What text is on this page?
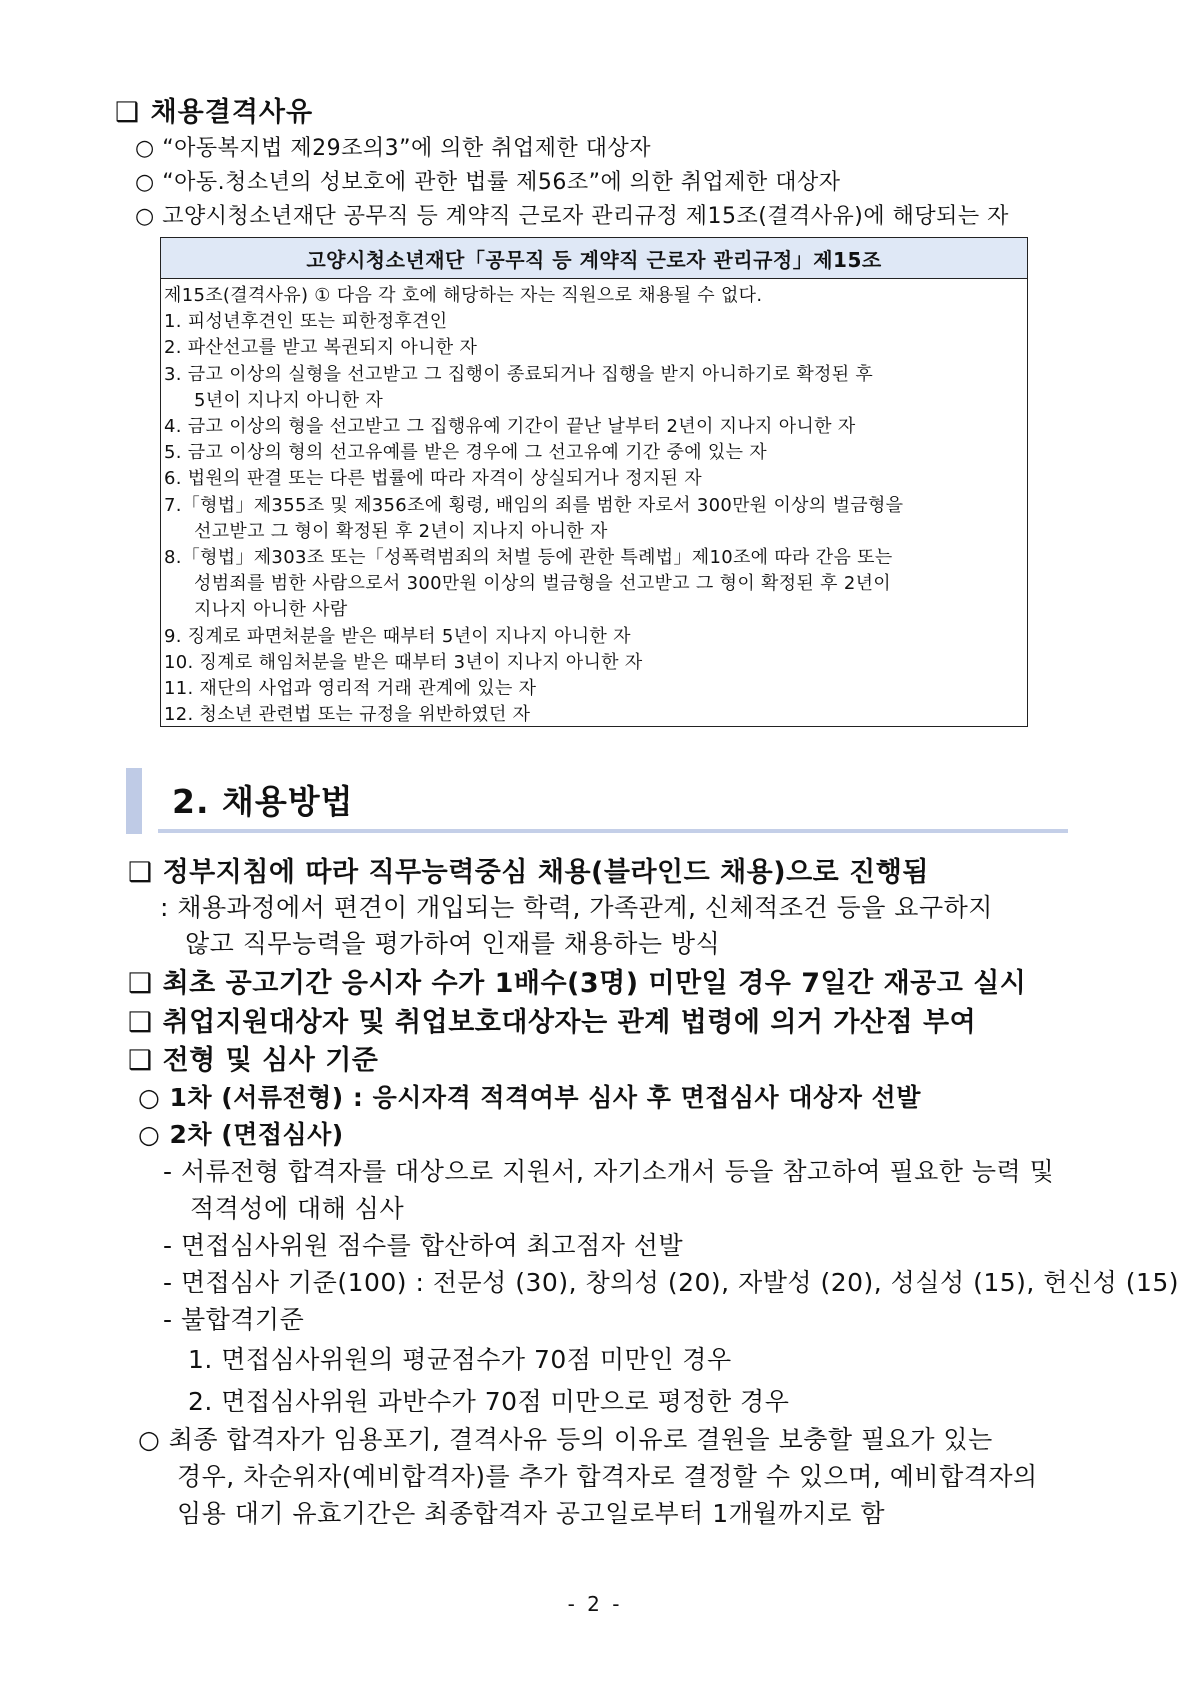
❑ 채용결격사유
○ “아동복지법 제29조의3”에 의한 취업제한 대상자
○ “아동.청소년의 성보호에 관한 법률 제56조”에 의한 취업제한 대상자
○ 고양시청소년재단 공무직 등 계약직 근로자 관리규정 제15조(결격사유)에 해당되는 자
고양시청소년재단「공무직 등 계약직 근로자 관리규정」제15조
제15조(결격사유) ① 다음 각 호에 해당하는 자는 직원으로 채용될 수 없다.
1. 피성년후견인 또는 피한정후견인
2. 파산선고를 받고 복권되지 아니한 자
3. 금고 이상의 실형을 선고받고 그 집행이 종료되거나 집행을 받지 아니하기로 확정된 후
5년이 지나지 아니한 자
4. 금고 이상의 형을 선고받고 그 집행유예 기간이 끝난 날부터 2년이 지나지 아니한 자
5. 금고 이상의 형의 선고유예를 받은 경우에 그 선고유예 기간 중에 있는 자
6. 법원의 판결 또는 다른 법률에 따라 자격이 상실되거나 정지된 자
7.「형법」제355조 및 제356조에 횡령, 배임의 죄를 범한 자로서 300만원 이상의 벌금형을
선고받고 그 형이 확정된 후 2년이 지나지 아니한 자
8.「형법」제303조 또는「성폭력범죄의 처벌 등에 관한 특례법」제10조에 따라 간음 또는
성범죄를 범한 사람으로서 300만원 이상의 벌금형을 선고받고 그 형이 확정된 후 2년이
지나지 아니한 사람
9. 징계로 파면처분을 받은 때부터 5년이 지나지 아니한 자
10. 징계로 해임처분을 받은 때부터 3년이 지나지 아니한 자
11. 재단의 사업과 영리적 거래 관계에 있는 자
12. 청소년 관련법 또는 규정을 위반하였던 자
2. 채용방법
❑ 정부지침에 따라 직무능력중심 채용(블라인드 채용)으로 진행됨
: 채용과정에서 편견이 개입되는 학력, 가족관계, 신체적조건 등을 요구하지
않고 직무능력을 평가하여 인재를 채용하는 방식
❑ 최초 공고기간 응시자 수가 1배수(3명) 미만일 경우 7일간 재공고 실시
❑ 취업지원대상자 및 취업보호대상자는 관계 법령에 의거 가산점 부여
❑ 전형 및 심사 기준
○ 1차 (서류전형) : 응시자격 적격여부 심사 후 면접심사 대상자 선발
○ 2차 (면접심사)
- 서류전형 합격자를 대상으로 지원서, 자기소개서 등을 참고하여 필요한 능력 및
적격성에 대해 심사
- 면접심사위원 점수를 합산하여 최고점자 선발
- 면접심사 기준(100) : 전문성 (30), 창의성 (20), 자발성 (20), 성실성 (15), 헌신성 (15)
- 불합격기준
1. 면접심사위원의 평균점수가 70점 미만인 경우
2. 면접심사위원 과반수가 70점 미만으로 평정한 경우
○ 최종 합격자가 임용포기, 결격사유 등의 이유로 결원을 보충할 필요가 있는
경우, 차순위자(예비합격자)를 추가 합격자로 결정할 수 있으며, 예비합격자의
임용 대기 유효기간은 최종합격자 공고일로부터 1개월까지로 함
- 2 -
